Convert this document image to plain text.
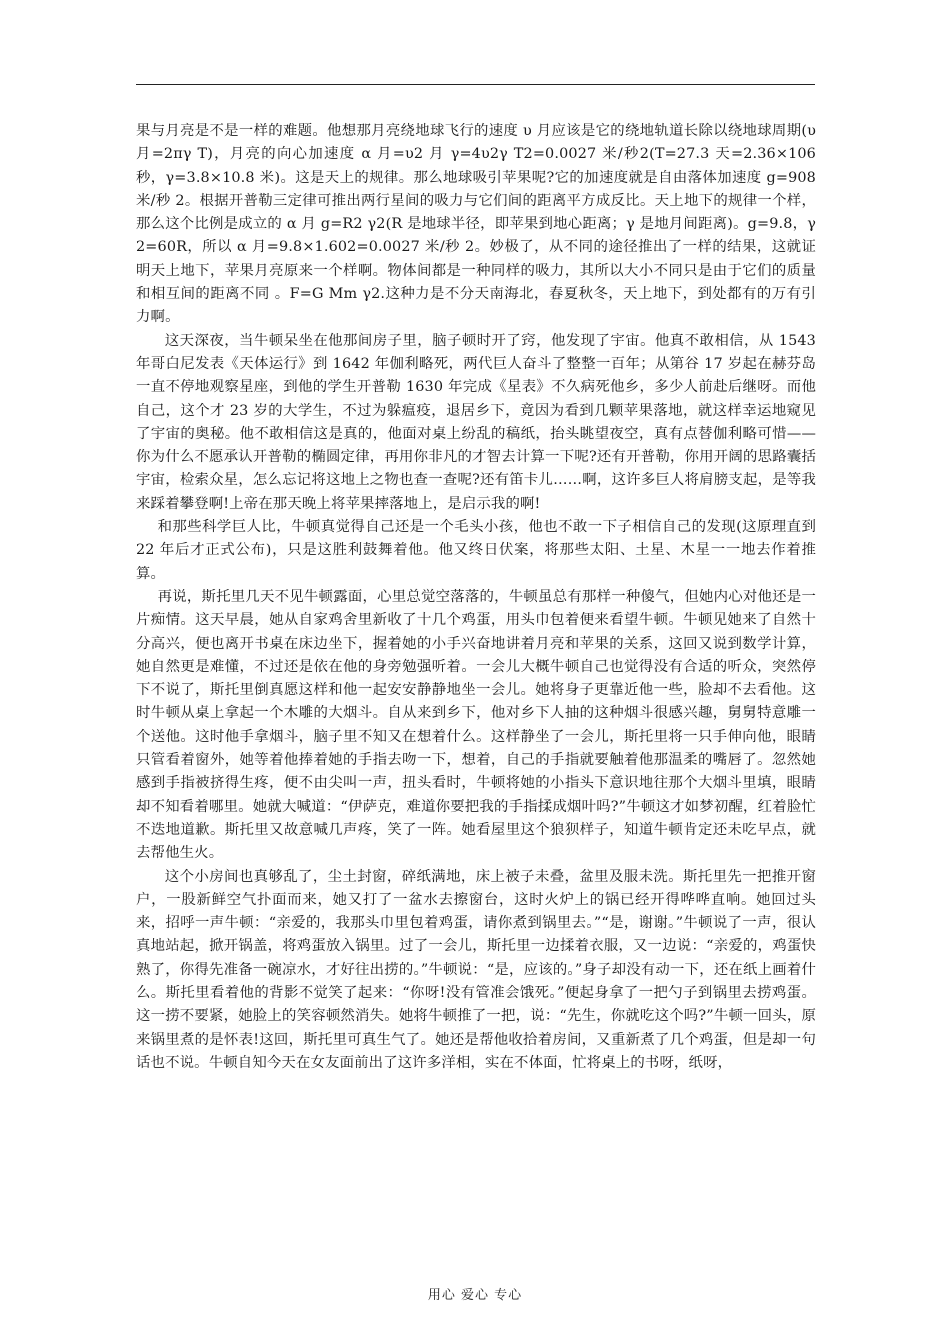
果与月亮是不是一样的难题。他想那月亮绕地球飞行的速度 υ 月应该是它的绕地轨道长除以绕地球周期(υ 月=2πγ T)，月亮的向心加速度 α 月=υ2 月 γ=4υ2γ T2=0.0027 米/秒2(T=27.3 天=2.36×106 秒，γ=3.8×10.8 米)。这是天上的规律。那么地球吸引苹果呢?它的加速度就是自由落体加速度 g=908 米/秒 2。根据开普勒三定律可推出两行星间的吸力与它们间的距离平方成反比。天上地下的规律一个样，那么这个比例是成立的 α 月 g=R2 γ2(R 是地球半径，即苹果到地心距离；γ 是地月间距离)。g=9.8，γ2=60R，所以 α 月=9.8×1.602=0.0027 米/秒 2。妙极了，从不同的途径推出了一样的结果，这就证明天上地下，苹果月亮原来一个样啊。物体间都是一种同样的吸力，其所以大小不同只是由于它们的质量和相互间的距离不同 。F=G Mm γ2.这种力是不分天南海北，春夏秋冬，天上地下，到处都有的万有引力啊。

这天深夜，当牛顿呆坐在他那间房子里，脑子顿时开了窍，他发现了宇宙。他真不敢相信，从 1543 年哥白尼发表《天体运行》到 1642 年伽利略死，两代巨人奋斗了整整一百年；从第谷 17 岁起在赫芬岛一直不停地观察星座，到他的学生开普勒 1630 年完成《星表》不久病死他乡，多少人前赴后继呀。而他自己，这个才 23 岁的大学生，不过为躲瘟疫，退居乡下，竟因为看到几颗苹果落地，就这样幸运地窥见了宇宙的奥秘。他不敢相信这是真的，他面对桌上纷乱的稿纸，抬头眺望夜空，真有点替伽利略可惜——你为什么不愿承认开普勒的椭圆定律，再用你非凡的才智去计算一下呢?还有开普勒，你用开阔的思路囊括宇宙，检索众星，怎么忘记将这地上之物也查一查呢?还有笛卡儿……啊，这许多巨人将肩膀支起，是等我来踩着攀登啊!上帝在那天晚上将苹果摔落地上，是启示我的啊!

和那些科学巨人比，牛顿真觉得自己还是一个毛头小孩，他也不敢一下子相信自己的发现(这原理直到 22 年后才正式公布)，只是这胜利鼓舞着他。他又终日伏案，将那些太阳、土星、木星一一地去作着推算。

再说，斯托里几天不见牛顿露面，心里总觉空落落的，牛顿虽总有那样一种傻气，但她内心对他还是一片痴情。这天早晨，她从自家鸡舍里新收了十几个鸡蛋，用头巾包着便来看望牛顿。牛顿见她来了自然十分高兴，便也离开书桌在床边坐下，握着她的小手兴奋地讲着月亮和苹果的关系，这回又说到数学计算，她自然更是难懂，不过还是依在他的身旁勉强听着。一会儿大概牛顿自己也觉得没有合适的听众，突然停下不说了，斯托里倒真愿这样和他一起安安静静地坐一会儿。她将身子更靠近他一些，脸却不去看他。这时牛顿从桌上拿起一个木雕的大烟斗。自从来到乡下，他对乡下人抽的这种烟斗很感兴趣，舅舅特意雕一个送他。这时他手拿烟斗，脑子里不知又在想着什么。这样静坐了一会儿，斯托里将一只手伸向他，眼睛只管看着窗外，她等着他捧着她的手指去吻一下，想着，自己的手指就要触着他那温柔的嘴唇了。忽然她感到手指被挤得生疼，便不由尖叫一声，扭头看时，牛顿将她的小指头下意识地往那个大烟斗里填，眼睛却不知看着哪里。她就大喊道：“伊萨克，难道你要把我的手指揉成烟叶吗?”牛顿这才如梦初醒，红着脸忙不迭地道歉。斯托里又故意喊几声疼，笑了一阵。她看屋里这个狼狈样子，知道牛顿肯定还未吃早点，就去帮他生火。

这个小房间也真够乱了，尘土封窗，碎纸满地，床上被子未叠，盆里及服未洗。斯托里先一把推开窗户，一股新鲜空气扑面而来，她又打了一盆水去擦窗台，这时火炉上的锅已经开得哗哗直响。她回过头来，招呼一声牛顿：“亲爱的，我那头巾里包着鸡蛋，请你煮到锅里去。”“是，谢谢。”牛顿说了一声，很认真地站起，掀开锅盖，将鸡蛋放入锅里。过了一会儿，斯托里一边揉着衣服，又一边说：“亲爱的，鸡蛋快熟了，你得先准备一碗凉水，才好往出捞的。”牛顿说：“是，应该的。”身子却没有动一下，还在纸上画着什么。斯托里看着他的背影不觉笑了起来：“你呀!没有管准会饿死。”便起身拿了一把勺子到锅里去捞鸡蛋。这一捞不要紧，她脸上的笑容顿然消失。她将牛顿推了一把，说：“先生，你就吃这个吗?”牛顿一回头，原来锅里煮的是怀表!这回，斯托里可真生气了。她还是帮他收拾着房间，又重新煮了几个鸡蛋，但是却一句话也不说。牛顿自知今天在女友面前出了这许多洋相，实在不体面，忙将桌上的书呀，纸呀，

用心 爱心 专心
